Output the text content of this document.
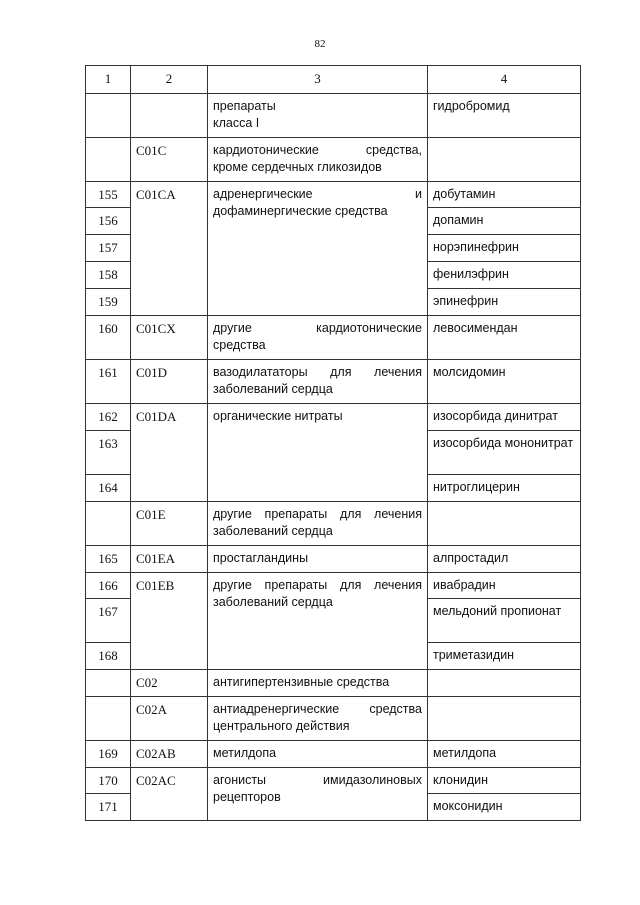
82
1	2	3	4

		препараты
класса I	гидробромид
	C01C	кардиотонические средства,
кроме сердечных гликозидов	

155	C01CA	адренергические и
дофаминергические средства	добутамин
156			допамин
157			норэпинефрин
158			фенилэфрин
159			эпинефрин
160	C01CX	другие кардиотонические
средства	левосимендан
161	C01D	вазодилататоры для лечения
заболеваний сердца	молсидомин
162	C01DA	органические нитраты	изосорбида динитрат
163			изосорбида мононитрат
164			нитроглицерин
	C01E	другие препараты для лечения
заболеваний сердца	

165	C01EA	простагландины	алпростадил
166	C01EB	другие препараты для лечения
заболеваний сердца	ивабрадин
167			мельдоний пропионат
168			триметазидин
	C02	антигипертензивные средства	

	C02A	антиадренергические средства
центрального действия	

169	C02AB	метилдопа	метилдопа
170	C02AC	агонисты имидазолиновых
рецепторов	клонидин
171			моксонидин
